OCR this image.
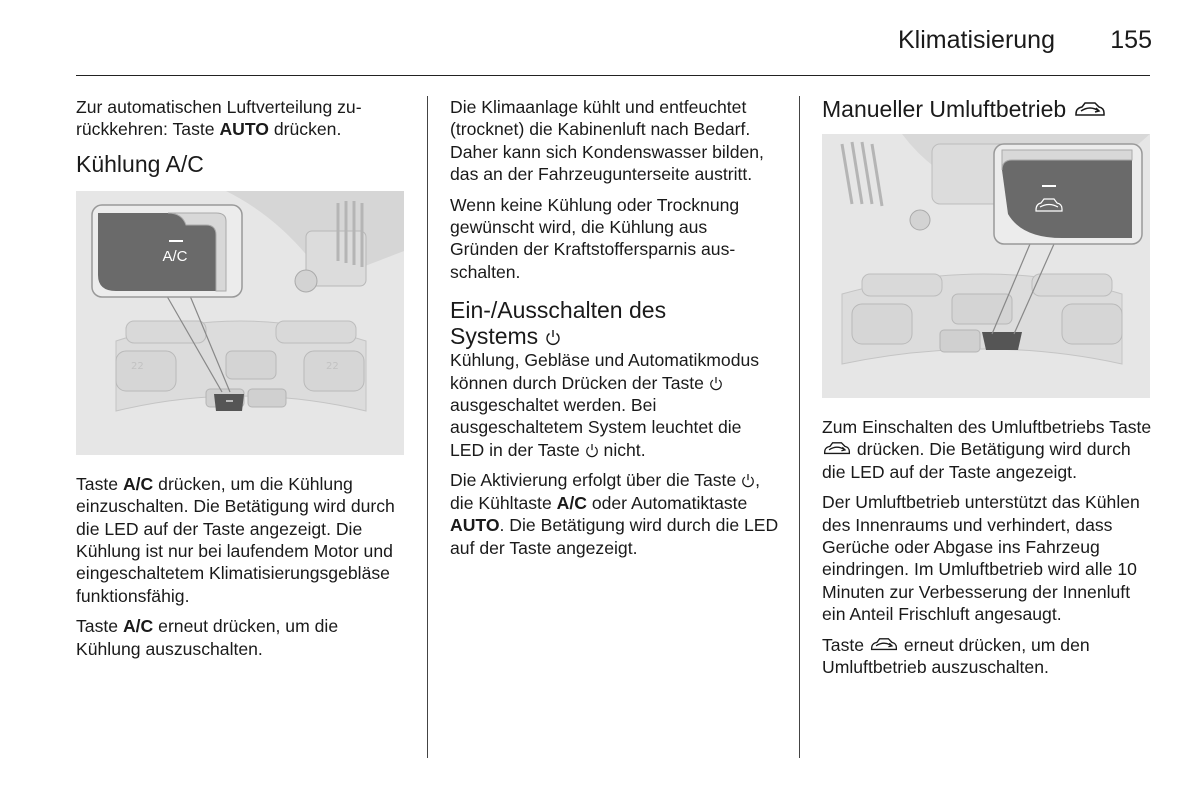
Klimatisierung 155

Zur automatischen Luftverteilung zurückkehren: Taste AUTO drücken.

Kühlung A/C
22	22
A/C

Taste A/C drücken, um die Kühlung einzuschalten. Die Betätigung wird durch die LED auf der Taste angezeigt. Die Kühlung ist nur bei laufendem Motor und eingeschaltetem Klimatisierungsgebläse funktionsfähig.

Taste A/C erneut drücken, um die Kühlung auszuschalten.

Die Klimaanlage kühlt und entfeuchtet (trocknet) die Kabinenluft nach Bedarf. Daher kann sich Kondenswasser bilden, das an der Fahrzeugunterseite austritt.

Wenn keine Kühlung oder Trocknung gewünscht wird, die Kühlung aus Gründen der Kraftstoffersparnis ausschalten.

Ein-/Ausschalten des
Systems

Kühlung, Gebläse und Automatikmodus können durch Drücken der Taste  ausgeschaltet werden. Bei ausgeschaltetem System leuchtet die LED in der Taste  nicht.

Die Aktivierung erfolgt über die Taste , die Kühltaste A/C oder Automatiktaste AUTO. Die Betätigung wird durch die LED auf der Taste angezeigt.

Manueller Umluftbetrieb

Zum Einschalten des Umluftbetriebs Taste  drücken. Die Betätigung wird durch die LED auf der Taste angezeigt.

Der Umluftbetrieb unterstützt das Kühlen des Innenraums und verhindert, dass Gerüche oder Abgase ins Fahrzeug eindringen. Im Umluftbetrieb wird alle 10 Minuten zur Verbesserung der Innenluft ein Anteil Frischluft angesaugt.

Taste  erneut drücken, um den Umluftbetrieb auszuschalten.
